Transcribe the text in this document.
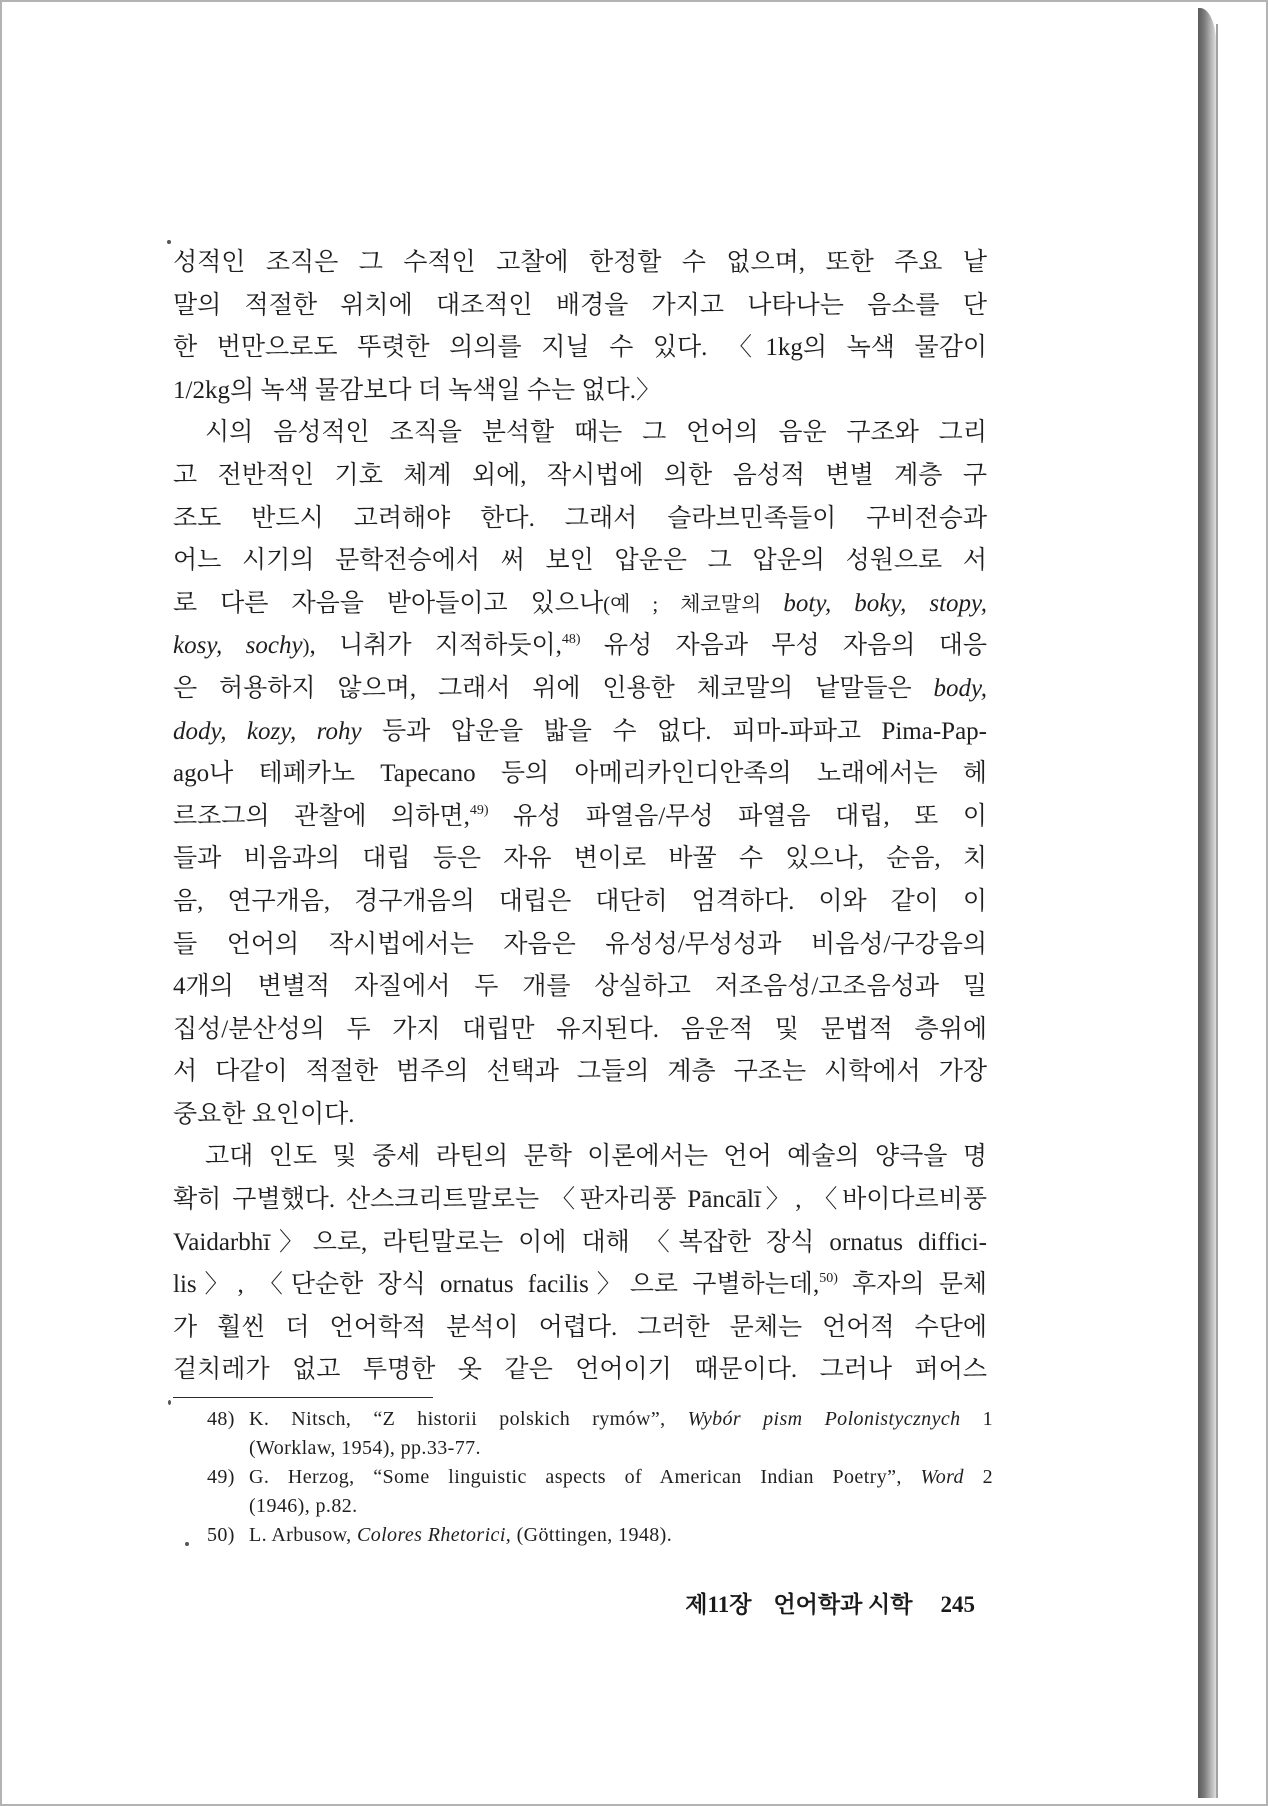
성적인 조직은 그 수적인 고찰에 한정할 수 없으며, 또한 주요 낱
말의 적절한 위치에 대조적인 배경을 가지고 나타나는 음소를 단
한 번만으로도 뚜렷한 의의를 지닐 수 있다. 〈1kg의 녹색 물감이
1/2kg의 녹색 물감보다 더 녹색일 수는 없다.〉
시의 음성적인 조직을 분석할 때는 그 언어의 음운 구조와 그리
고 전반적인 기호 체계 외에, 작시법에 의한 음성적 변별 계층 구
조도 반드시 고려해야 한다. 그래서 슬라브민족들이 구비전승과
어느 시기의 문학전승에서 써 보인 압운은 그 압운의 성원으로 서
로 다른 자음을 받아들이고 있으나(예 ; 체코말의 boty, boky, stopy,
kosy, sochy), 니취가 지적하듯이,$^{48)}$ 유성 자음과 무성 자음의 대응
은 허용하지 않으며, 그래서 위에 인용한 체코말의 낱말들은 body,
dody, kozy, rohy 등과 압운을 밟을 수 없다. 피마-파파고 Pima-Pap-
ago나 테페카노 Tapecano 등의 아메리카인디안족의 노래에서는 헤
르조그의 관찰에 의하면,$^{49)}$ 유성 파열음/무성 파열음 대립, 또 이
들과 비음과의 대립 등은 자유 변이로 바꿀 수 있으나, 순음, 치
음, 연구개음, 경구개음의 대립은 대단히 엄격하다. 이와 같이 이
들 언어의 작시법에서는 자음은 유성성/무성성과 비음성/구강음의
4개의 변별적 자질에서 두 개를 상실하고 저조음성/고조음성과 밀
집성/분산성의 두 가지 대립만 유지된다. 음운적 및 문법적 층위에
서 다같이 적절한 범주의 선택과 그들의 계층 구조는 시학에서 가장
중요한 요인이다.
고대 인도 및 중세 라틴의 문학 이론에서는 언어 예술의 양극을 명
확히 구별했다. 산스크리트말로는 〈판자리풍 Pāncālī〉, 〈바이다르비풍
Vaidarbhī〉으로, 라틴말로는 이에 대해 〈복잡한 장식 ornatus diffici-
lis〉, 〈단순한 장식 ornatus facilis〉으로 구별하는데,$^{50)}$ 후자의 문체
가 훨씬 더 언어학적 분석이 어렵다. 그러한 문체는 언어적 수단에
겉치레가 없고 투명한 옷 같은 언어이기 때문이다. 그러나 퍼어스
48) K. Nitsch, “Z historii polskich rymów”, Wybór pism Polonistycznych 1
(Worklaw, 1954), pp.33-77.
49) G. Herzog, “Some linguistic aspects of American Indian Poetry”, Word 2
(1946), p.82.
50) L. Arbusow, Colores Rhetorici, (Göttingen, 1948).
제11장 언어학과 시학 245
